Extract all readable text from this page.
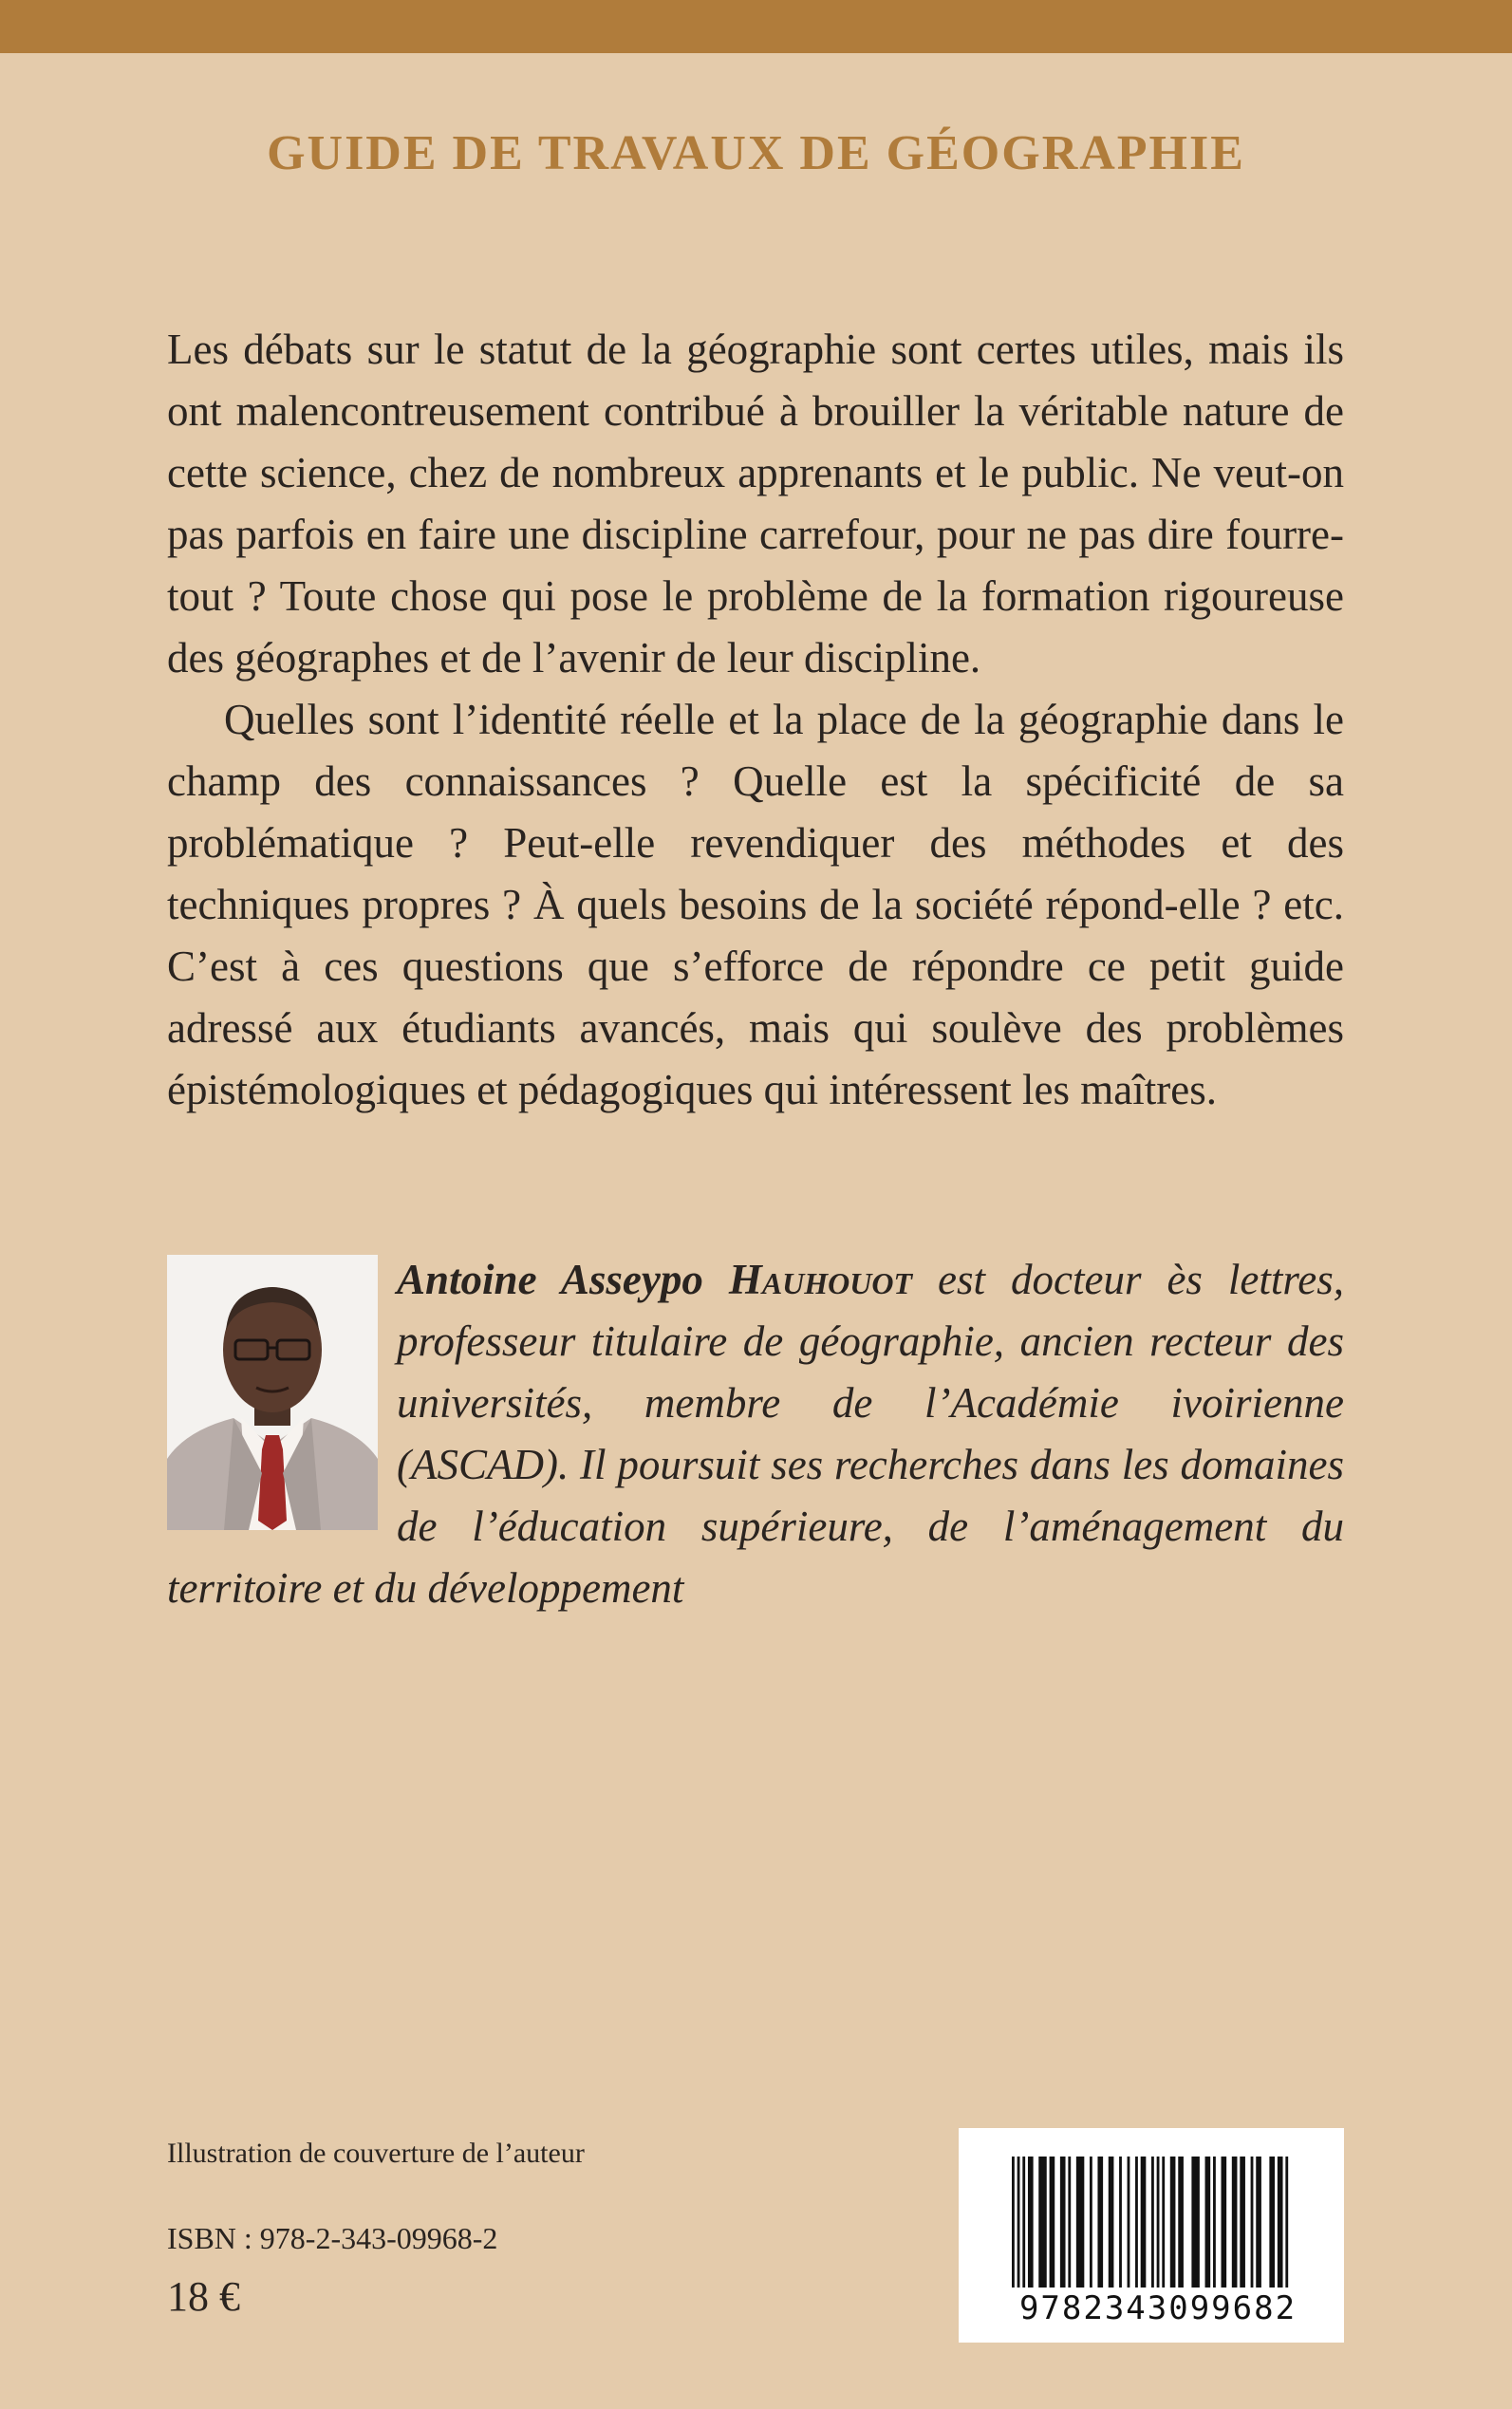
GUIDE DE TRAVAUX DE GÉOGRAPHIE

Les débats sur le statut de la géographie sont certes utiles, mais ils ont malencontreusement contribué à brouiller la véritable nature de cette science, chez de nombreux apprenants et le public. Ne veut-on pas parfois en faire une discipline carrefour, pour ne pas dire fourre-tout ? Toute chose qui pose le problème de la formation rigoureuse des géographes et de l’avenir de leur discipline.

Quelles sont l’identité réelle et la place de la géographie dans le champ des connaissances ? Quelle est la spécificité de sa problématique ? Peut-elle revendiquer des méthodes et des techniques propres ? À quels besoins de la société répond-elle ? etc. C’est à ces questions que s’efforce de répondre ce petit guide adressé aux étudiants avancés, mais qui soulève des problèmes épistémologiques et pédagogiques qui intéressent les maîtres.

Antoine Asseypo Hauhouot est docteur ès lettres, professeur titulaire de géographie, ancien recteur des universités, membre de l’Académie ivoirienne (ASCAD). Il poursuit ses recherches dans les domaines de l’éducation supérieure, de l’aménagement du territoire et du développement
Illustration de couverture de l’auteur
ISBN : 978-2-343-09968-2
18 €	9782343099682
